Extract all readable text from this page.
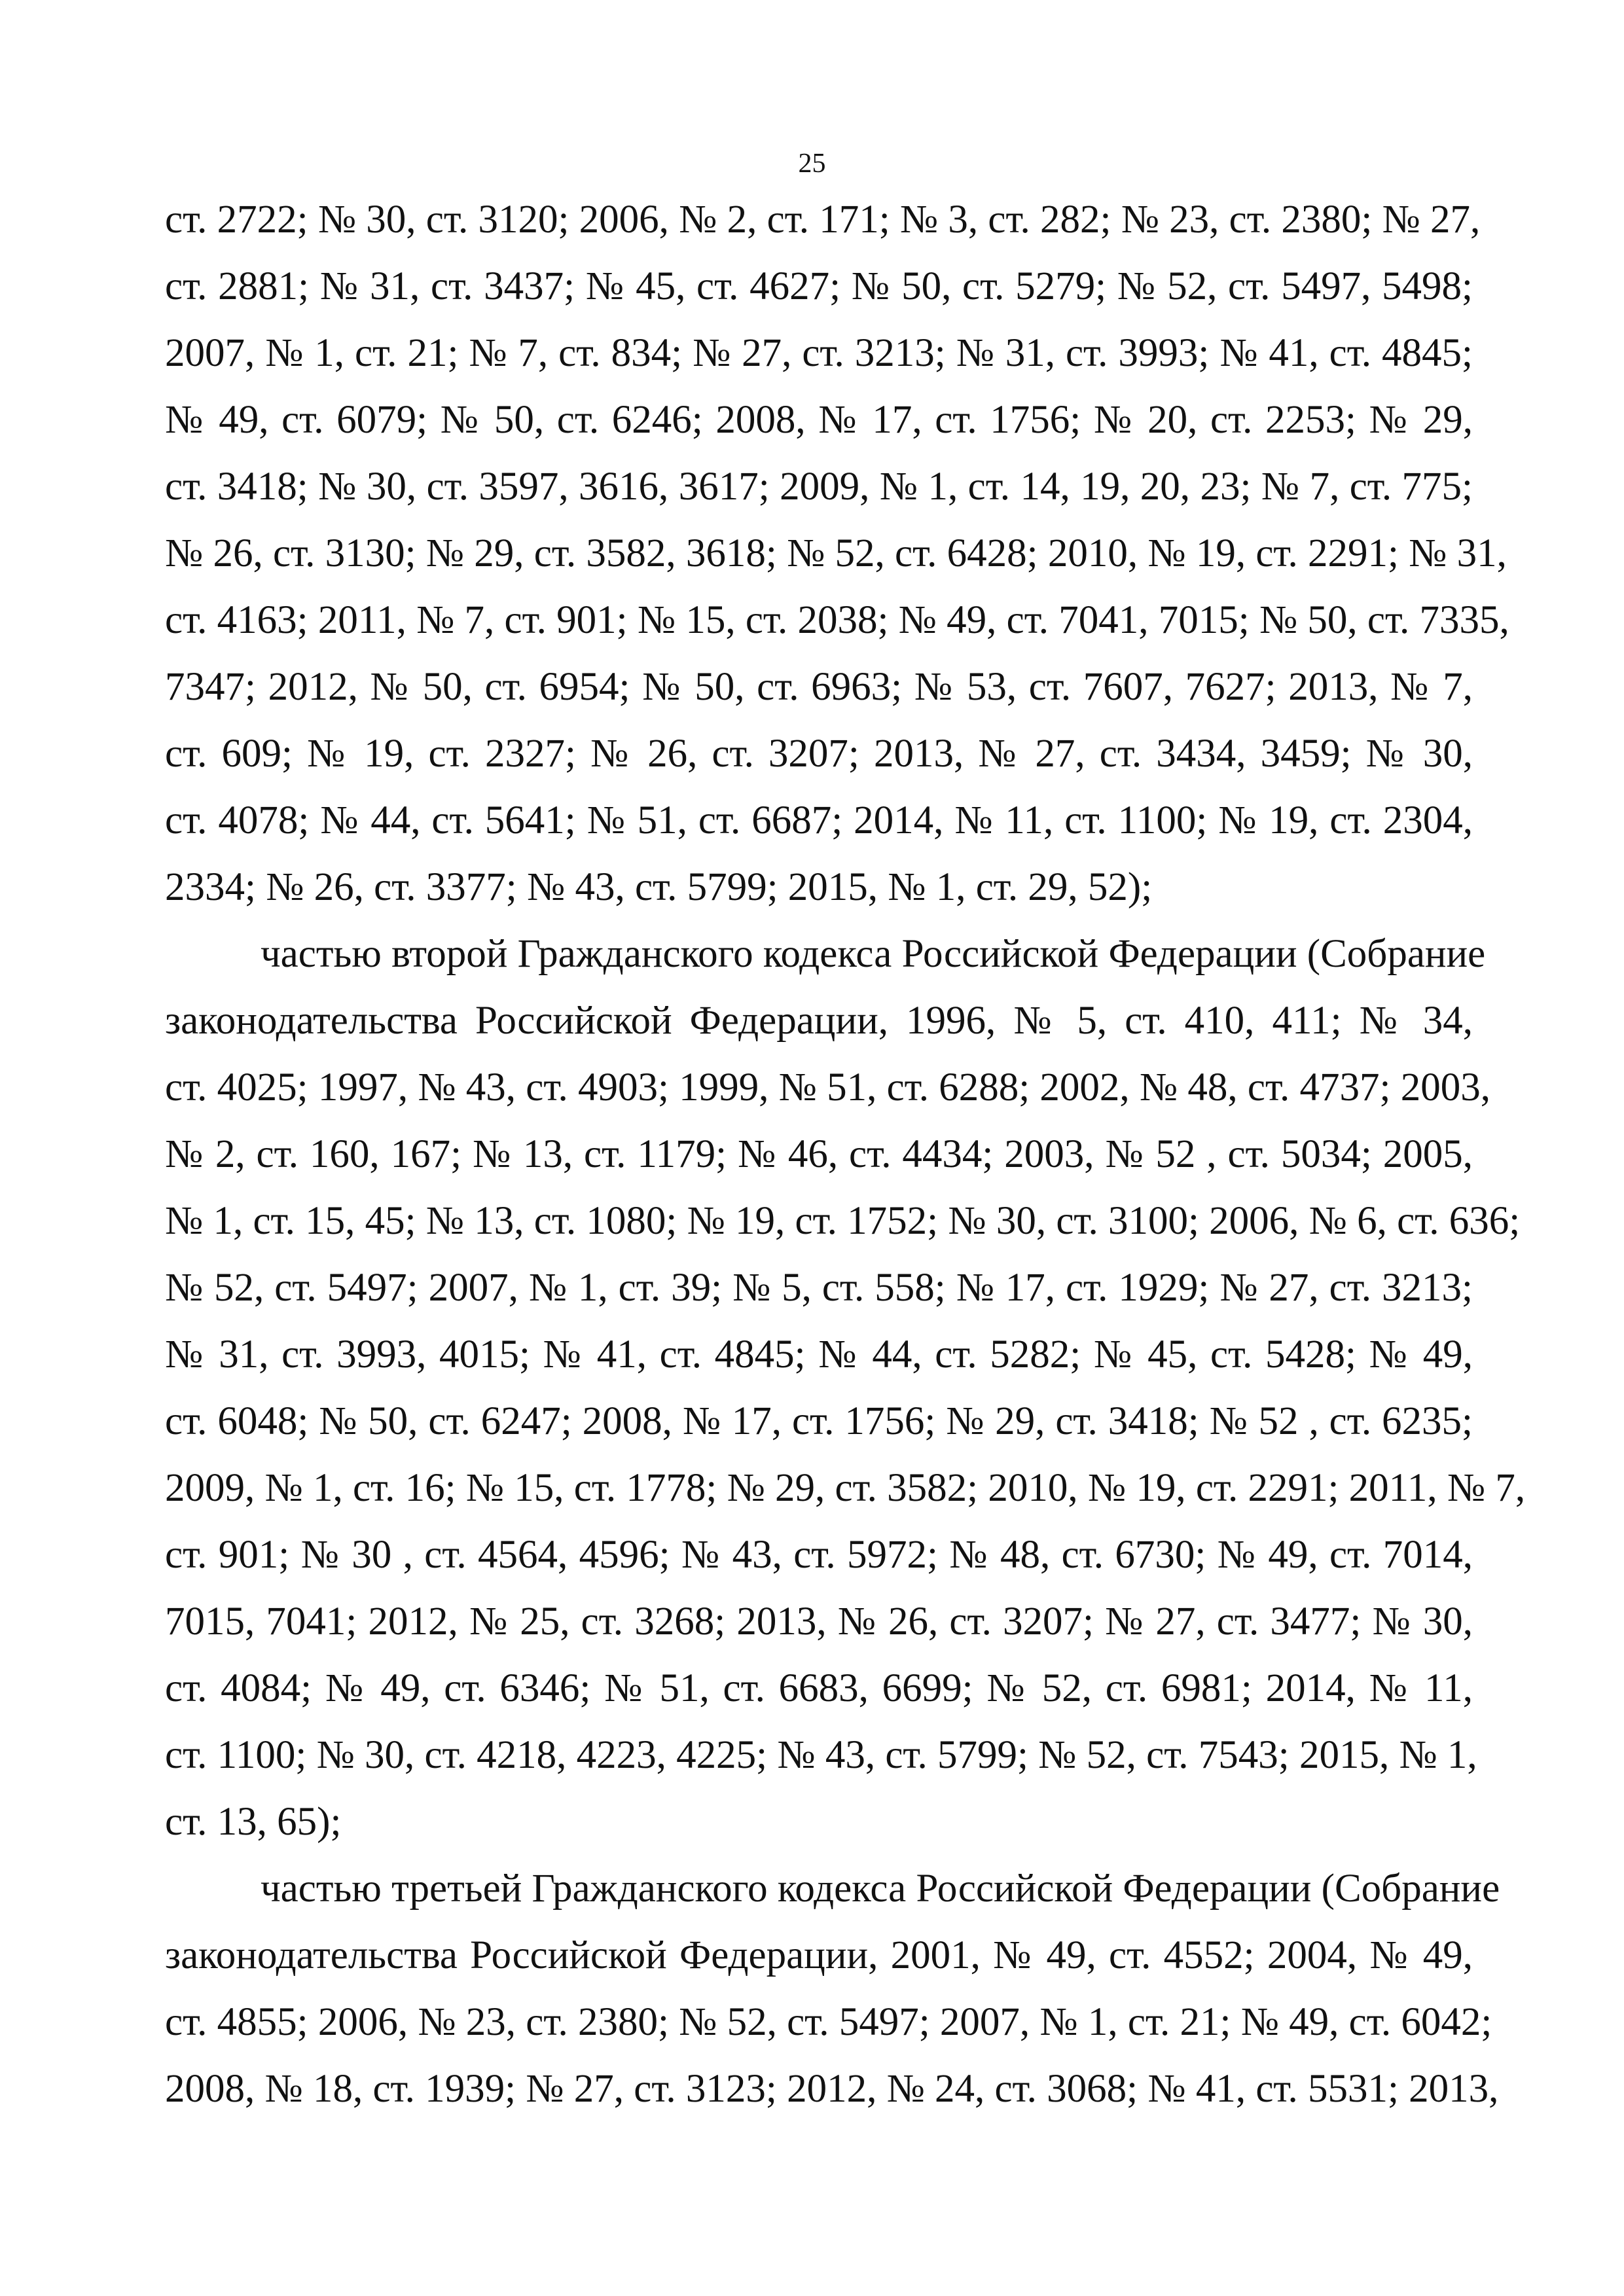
25
ст. 2722; № 30, ст. 3120; 2006, № 2, ст. 171; № 3, ст. 282; № 23, ст. 2380; № 27,
ст. 2881; № 31, ст. 3437; № 45, ст. 4627; № 50, ст. 5279; № 52, ст. 5497, 5498;
2007, № 1, ст. 21; № 7, ст. 834; № 27, ст. 3213; № 31, ст. 3993; № 41, ст. 4845;
№ 49, ст. 6079; № 50, ст. 6246; 2008, № 17, ст. 1756; № 20, ст. 2253; № 29,
ст. 3418; № 30, ст. 3597, 3616, 3617; 2009, № 1, ст. 14, 19, 20, 23; № 7, ст. 775;
№ 26, ст. 3130; № 29, ст. 3582, 3618; № 52, ст. 6428; 2010, № 19, ст. 2291; № 31,
ст. 4163; 2011, № 7, ст. 901; № 15, ст. 2038; № 49, ст. 7041, 7015; № 50, ст. 7335,
7347; 2012, № 50, ст. 6954; № 50, ст. 6963; № 53, ст. 7607, 7627; 2013, № 7,
ст. 609; № 19, ст. 2327; № 26, ст. 3207; 2013, № 27, ст. 3434, 3459; № 30,
ст. 4078; № 44, ст. 5641; № 51, ст. 6687; 2014, № 11, ст. 1100; № 19, ст. 2304,
2334; № 26, ст. 3377; № 43, ст. 5799; 2015, № 1, ст. 29, 52);
частью второй Гражданского кодекса Российской Федерации (Собрание
законодательства Российской Федерации, 1996, № 5, ст. 410, 411; № 34,
ст. 4025; 1997, № 43, ст. 4903; 1999, № 51, ст. 6288; 2002, № 48, ст. 4737; 2003,
№ 2, ст. 160, 167; № 13, ст. 1179; № 46, ст. 4434; 2003, № 52 , ст. 5034; 2005,
№ 1, ст. 15, 45; № 13, ст. 1080; № 19, ст. 1752; № 30, ст. 3100; 2006, № 6, ст. 636;
№ 52, ст. 5497; 2007, № 1, ст. 39; № 5, ст. 558; № 17, ст. 1929; № 27, ст. 3213;
№ 31, ст. 3993, 4015; № 41, ст. 4845; № 44, ст. 5282; № 45, ст. 5428; № 49,
ст. 6048; № 50, ст. 6247; 2008, № 17, ст. 1756; № 29, ст. 3418; № 52 , ст. 6235;
2009, № 1, ст. 16; № 15, ст. 1778; № 29, ст. 3582; 2010, № 19, ст. 2291; 2011, № 7,
ст. 901; № 30 , ст. 4564, 4596; № 43, ст. 5972; № 48, ст. 6730; № 49, ст. 7014,
7015, 7041; 2012, № 25, ст. 3268; 2013, № 26, ст. 3207; № 27, ст. 3477; № 30,
ст. 4084; № 49, ст. 6346; № 51, ст. 6683, 6699; № 52, ст. 6981; 2014, № 11,
ст. 1100; № 30, ст. 4218, 4223, 4225; № 43, ст. 5799; № 52, ст. 7543; 2015, № 1,
ст. 13, 65);
частью третьей Гражданского кодекса Российской Федерации (Собрание
законодательства Российской Федерации, 2001, № 49, ст. 4552; 2004, № 49,
ст. 4855; 2006, № 23, ст. 2380; № 52, ст. 5497; 2007, № 1, ст. 21; № 49, ст. 6042;
2008, № 18, ст. 1939; № 27, ст. 3123; 2012, № 24, ст. 3068; № 41, ст. 5531; 2013,
